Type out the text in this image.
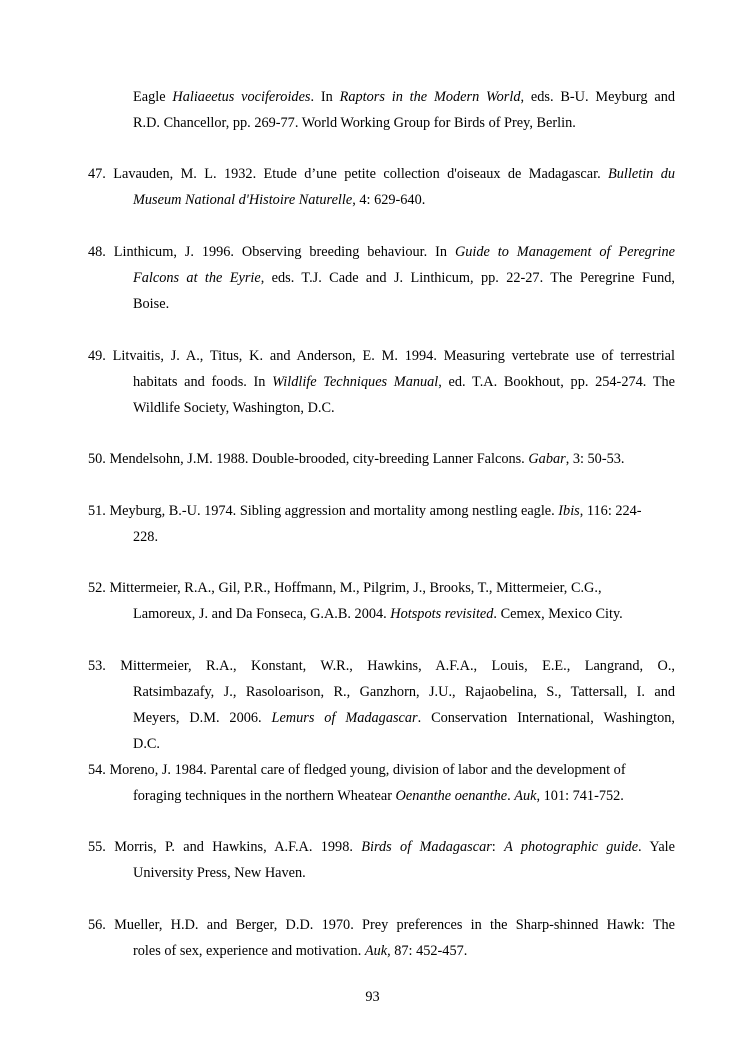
Eagle Haliaeetus vociferoides. In Raptors in the Modern World, eds. B-U. Meyburg and
R.D. Chancellor, pp. 269-77. World Working Group for Birds of Prey, Berlin.
47. Lavauden, M. L. 1932. Etude d’une petite collection d'oiseaux de Madagascar. Bulletin du
Museum National d'Histoire Naturelle, 4: 629-640.
48. Linthicum, J. 1996. Observing breeding behaviour. In Guide to Management of Peregrine
Falcons at the Eyrie, eds. T.J. Cade and J. Linthicum, pp. 22-27. The Peregrine Fund,
Boise.
49. Litvaitis, J. A., Titus, K. and Anderson, E. M. 1994. Measuring vertebrate use of terrestrial
habitats and foods. In Wildlife Techniques Manual, ed. T.A. Bookhout, pp. 254-274. The
Wildlife Society, Washington, D.C.
50. Mendelsohn, J.M. 1988. Double-brooded, city-breeding Lanner Falcons. Gabar, 3: 50-53.
51. Meyburg, B.-U. 1974. Sibling aggression and mortality among nestling eagle. Ibis, 116: 224-
228.
52. Mittermeier, R.A., Gil, P.R., Hoffmann, M., Pilgrim, J., Brooks, T., Mittermeier, C.G.,
Lamoreux, J. and Da Fonseca, G.A.B. 2004. Hotspots revisited. Cemex, Mexico City.
53. Mittermeier, R.A., Konstant, W.R., Hawkins, A.F.A., Louis, E.E., Langrand, O.,
Ratsimbazafy, J., Rasoloarison, R., Ganzhorn, J.U., Rajaobelina, S., Tattersall, I. and
Meyers, D.M. 2006. Lemurs of Madagascar. Conservation International, Washington,
D.C.
54. Moreno, J. 1984. Parental care of fledged young, division of labor and the development of
foraging techniques in the northern Wheatear Oenanthe oenanthe. Auk, 101: 741-752.
55. Morris, P. and Hawkins, A.F.A. 1998. Birds of Madagascar: A photographic guide. Yale
University Press, New Haven.
56. Mueller, H.D. and Berger, D.D. 1970. Prey preferences in the Sharp-shinned Hawk: The
roles of sex, experience and motivation. Auk, 87: 452-457.
93
